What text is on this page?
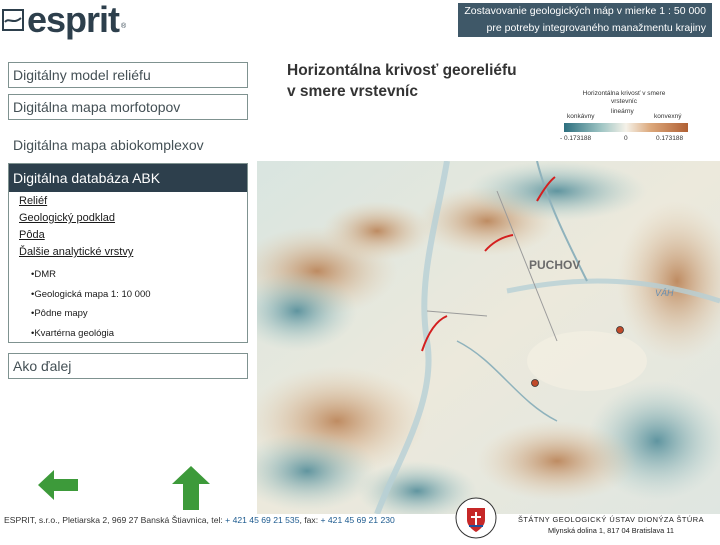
esprit ®
Zostavovanie geologických máp v mierke 1 : 50 000
pre potreby integrovaného manažmentu krajiny
Digitálny model reliéfu
Digitálna mapa morfotopov
Digitálna mapa abiokomplexov
Digitálna databáza ABK
Reliéf
Geologický podklad
Pôda
Ďalšie analytické vrstvy
• DMR
• Geologická mapa 1: 10 000
• Pôdne mapy
• Kvartérna geológia
Ako ďalej
Horizontálna krivosť georeliéfu
v smere vrstevníc	Horizontálna krivosť v smere
vrstevníc
konkávny
lineárny
konvexný
- 0.173188	0	0.173188
PUCHOV
VÁH
ESPRIT, s.r.o., Pletiarska 2, 969 27 Banská Štiavnica, tel: + 421 45 69 21 535, fax: + 421 45 69 21 230	ŠTÁTNY GEOLOGICKÝ ÚSTAV DIONÝZA ŠTÚRA
Mlynská dolina 1, 817 04 Bratislava 11
